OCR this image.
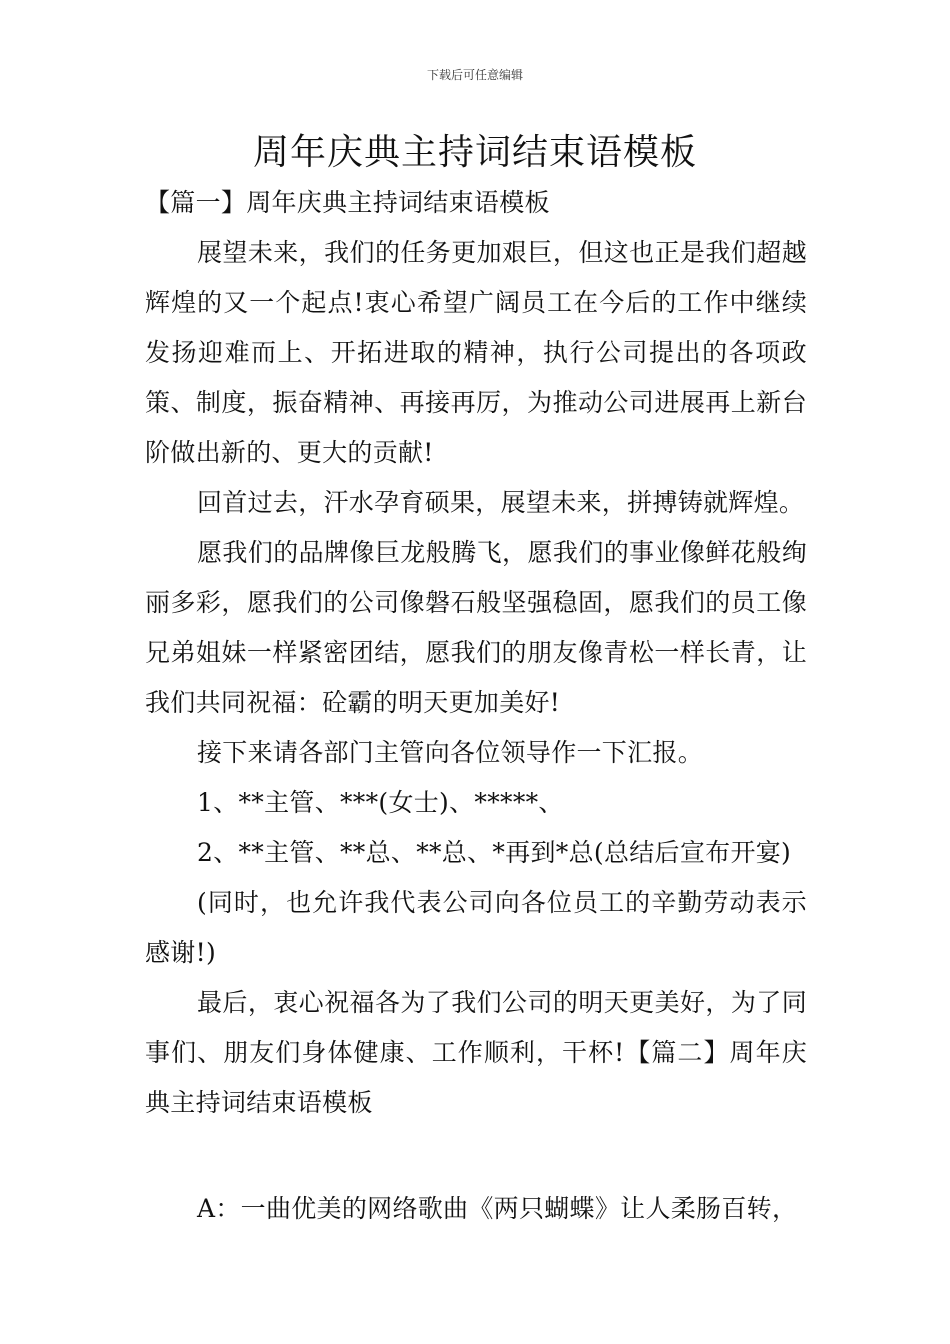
下载后可任意编辑
周年庆典主持词结束语模板

【篇一】周年庆典主持词结束语模板

展望未来，我们的任务更加艰巨，但这也正是我们超越辉煌的又一个起点!衷心希望广阔员工在今后的工作中继续发扬迎难而上、开拓进取的精神，执行公司提出的各项政策、制度，振奋精神、再接再厉，为推动公司进展再上新台阶做出新的、更大的贡献!

回首过去，汗水孕育硕果，展望未来，拼搏铸就辉煌。

愿我们的品牌像巨龙般腾飞，愿我们的事业像鲜花般绚丽多彩，愿我们的公司像磐石般坚强稳固，愿我们的员工像兄弟姐妹一样紧密团结，愿我们的朋友像青松一样长青，让我们共同祝福：砼霸的明天更加美好!

接下来请各部门主管向各位领导作一下汇报。

1、**主管、***(女士)、*****、

2、**主管、**总、**总、*再到*总(总结后宣布开宴)

(同时，也允许我代表公司向各位员工的辛勤劳动表示感谢!)

最后，衷心祝福各为了我们公司的明天更美好，为了同事们、朋友们身体健康、工作顺利，干杯!【篇二】周年庆典主持词结束语模板

A：一曲优美的网络歌曲《两只蝴蝶》让人柔肠百转，
